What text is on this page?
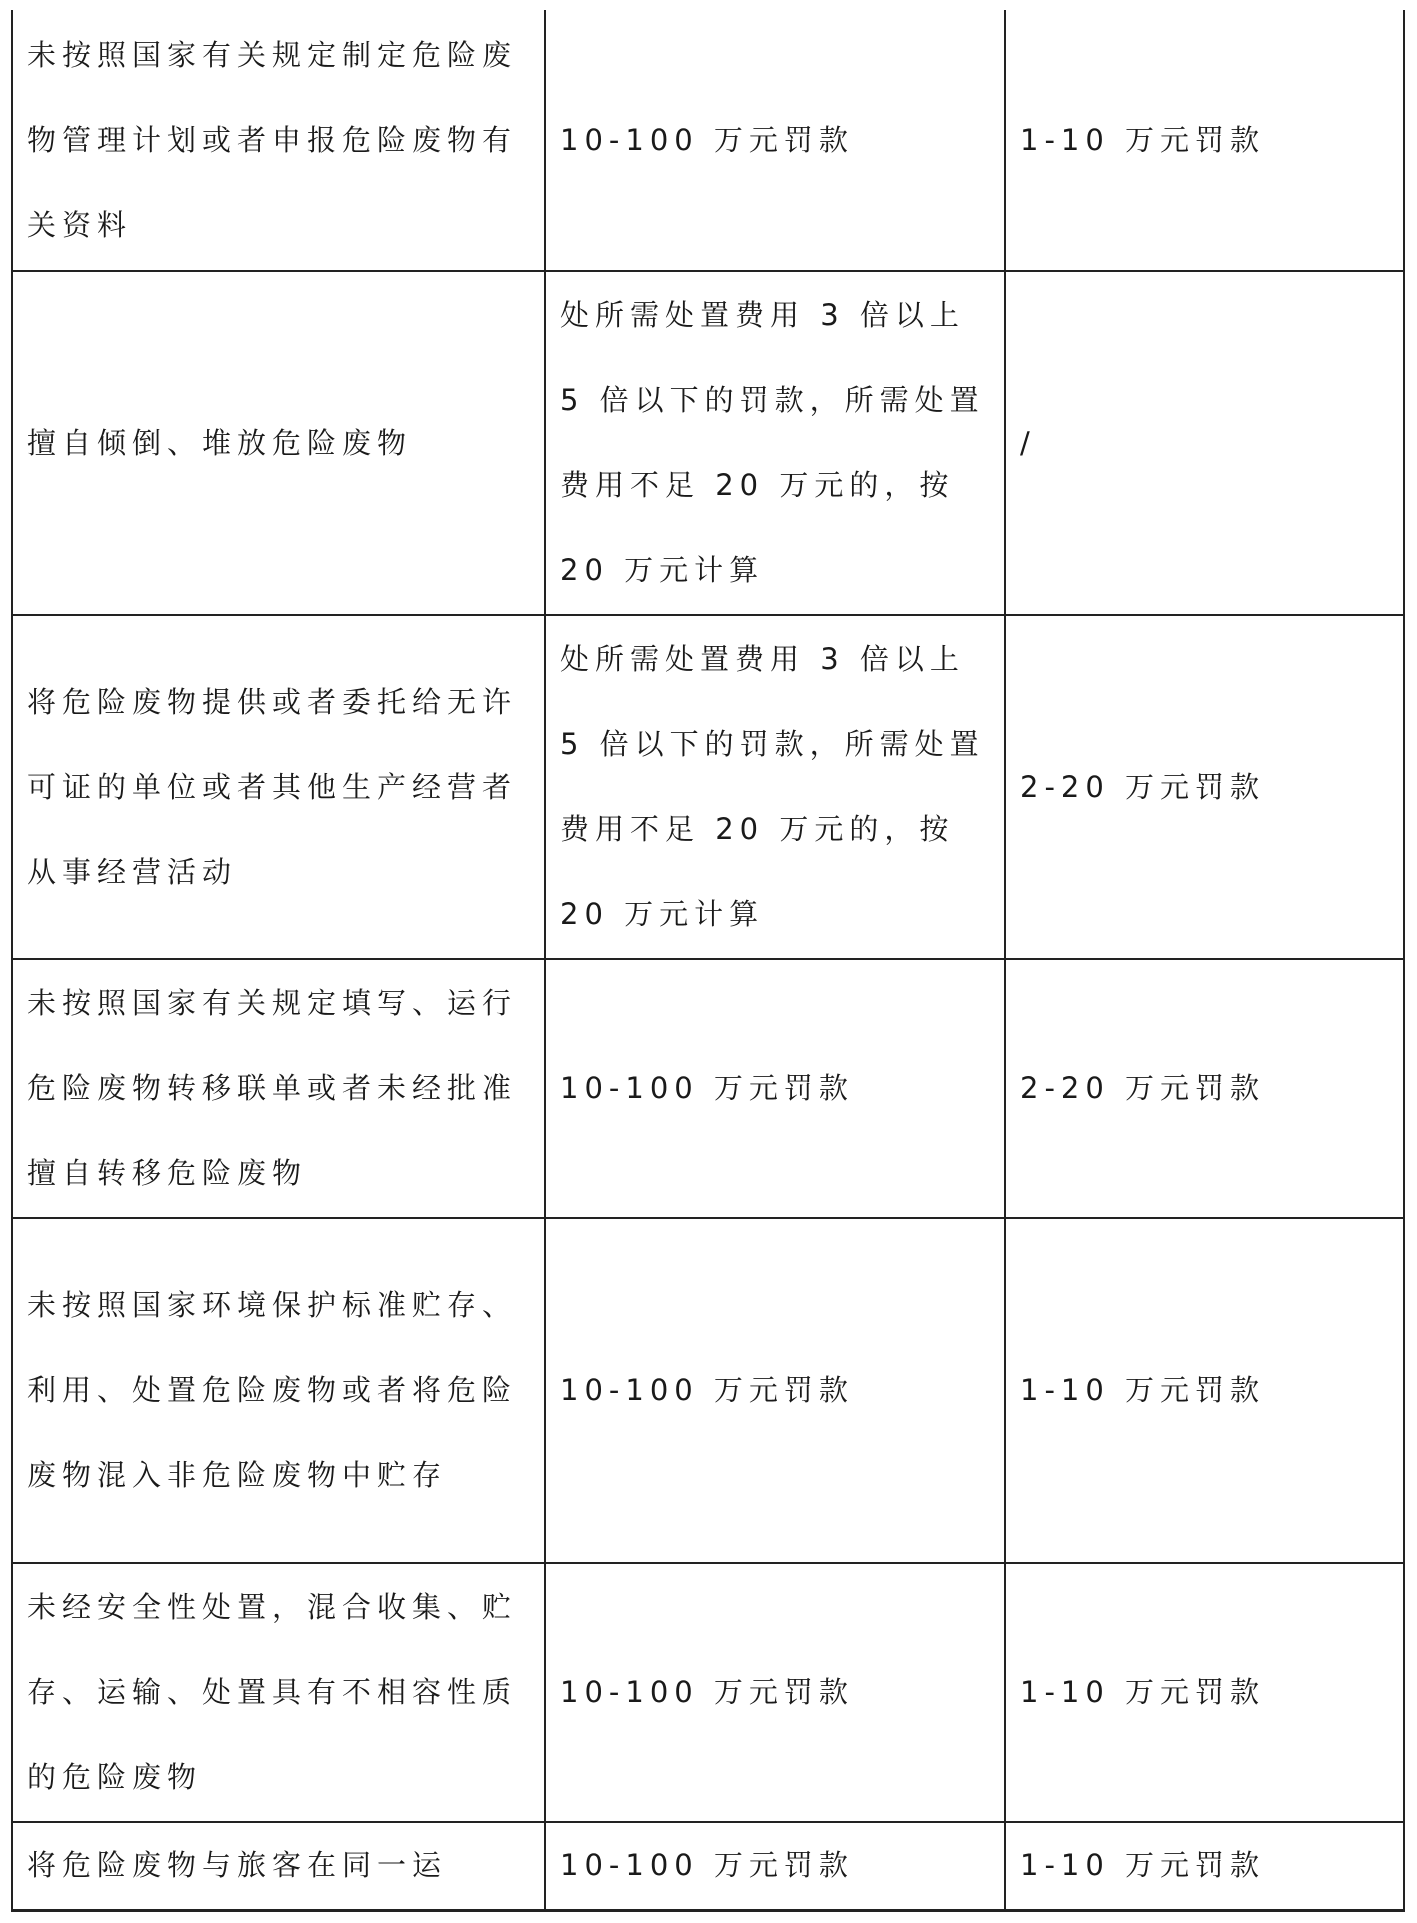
未按照国家有关规定制定危险废物管理计划或者申报危险废物有关资料	10-100 万元罚款	1-10 万元罚款

擅自倾倒、堆放危险废物	处所需处置费用 3 倍以上 5 倍以下的罚款，所需处置费用不足 20 万元的，按 20 万元计算	/

将危险废物提供或者委托给无许可证的单位或者其他生产经营者从事经营活动	处所需处置费用 3 倍以上 5 倍以下的罚款，所需处置费用不足 20 万元的，按 20 万元计算	2-20 万元罚款

未按照国家有关规定填写、运行危险废物转移联单或者未经批准擅自转移危险废物	10-100 万元罚款	2-20 万元罚款

未按照国家环境保护标准贮存、利用、处置危险废物或者将危险废物混入非危险废物中贮存	10-100 万元罚款	1-10 万元罚款

未经安全性处置，混合收集、贮存、运输、处置具有不相容性质的危险废物	10-100 万元罚款	1-10 万元罚款

将危险废物与旅客在同一运	10-100 万元罚款	1-10 万元罚款
